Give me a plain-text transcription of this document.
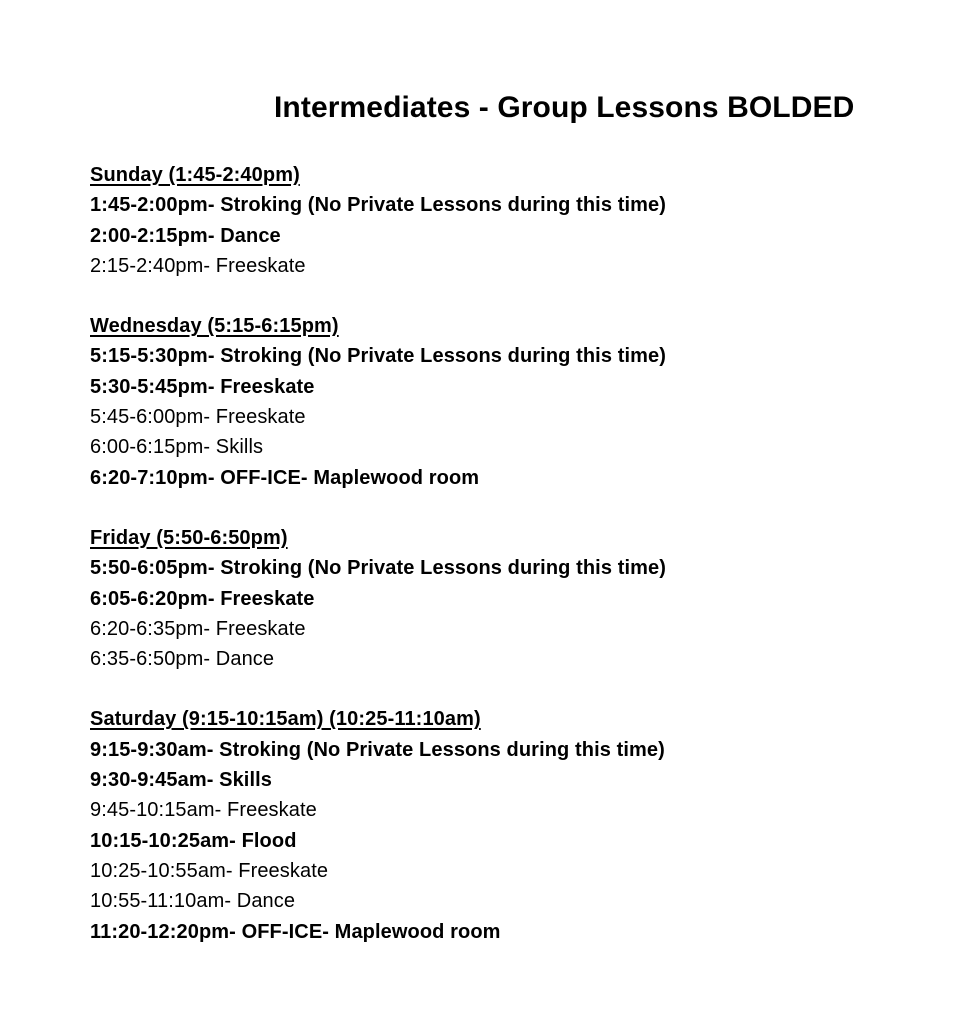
Intermediates - Group Lessons BOLDED
Sunday (1:45-2:40pm)
1:45-2:00pm- Stroking (No Private Lessons during this time)
2:00-2:15pm- Dance
2:15-2:40pm- Freeskate
Wednesday (5:15-6:15pm)
5:15-5:30pm- Stroking (No Private Lessons during this time)
5:30-5:45pm- Freeskate
5:45-6:00pm- Freeskate
6:00-6:15pm- Skills
6:20-7:10pm- OFF-ICE- Maplewood room
Friday (5:50-6:50pm)
5:50-6:05pm- Stroking (No Private Lessons during this time)
6:05-6:20pm- Freeskate
6:20-6:35pm- Freeskate
6:35-6:50pm- Dance
Saturday (9:15-10:15am) (10:25-11:10am)
9:15-9:30am- Stroking (No Private Lessons during this time)
9:30-9:45am- Skills
9:45-10:15am- Freeskate
10:15-10:25am- Flood
10:25-10:55am- Freeskate
10:55-11:10am- Dance
11:20-12:20pm- OFF-ICE- Maplewood room
